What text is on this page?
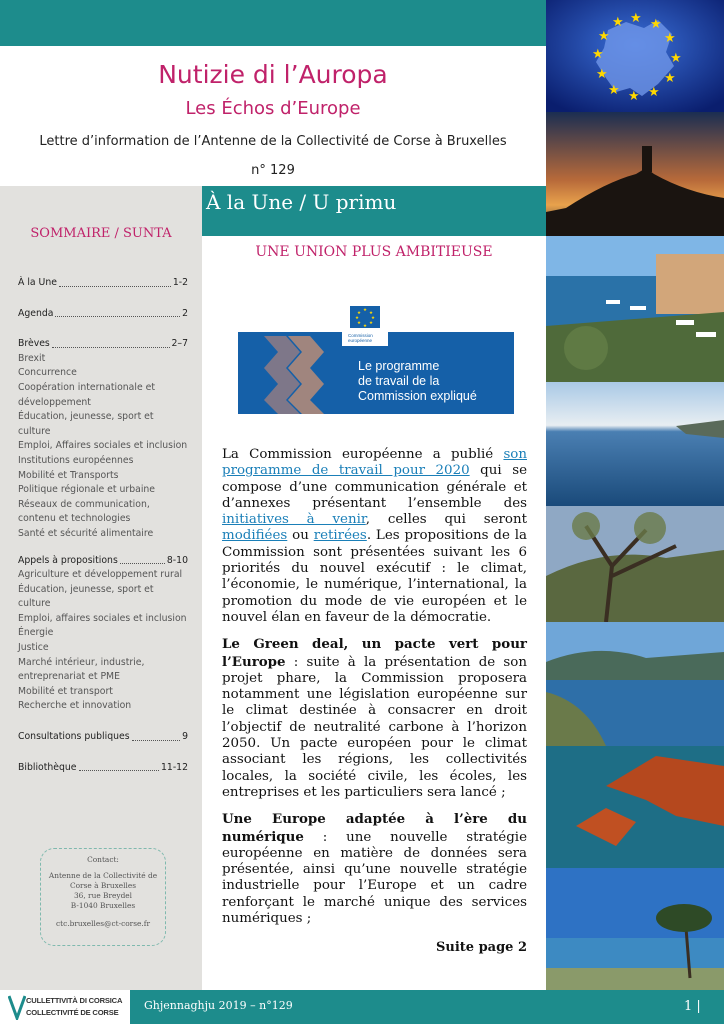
Nutizie di l’Auropa
Les Échos d’Europe
Lettre d’information de l’Antenne de la Collectivité de Corse à Bruxelles
n° 129
★ ★
★
★
★
★
★
★
★
★
★
★
SOMMAIRE / SUNTA
À la Une	1-2
Agenda	2
Brèves	2–7
Brexit
Concurrence
Coopération internationale et développement
Éducation, jeunesse, sport et culture
Emploi, Affaires sociales et inclusion
Institutions européennes
Mobilité et Transports
Politique régionale et urbaine
Réseaux de communication, contenu et technologies
Santé et sécurité alimentaire
Appels à propositions	8-10
Agriculture et développement rural
Éducation, jeunesse, sport et culture
Emploi, affaires sociales et inclusion
Énergie
Justice
Marché intérieur, industrie, entreprenariat et PME
Mobilité et transport
Recherche et innovation
Consultations publiques	9
Bibliothèque	11-12
Contact:
Antenne de la Collectivité de
Corse à Bruxelles
36, rue Breydel
B-1040 Bruxelles
ctc.bruxelles@ct-corse.fr
À la Une / U primu
UNE UNION PLUS AMBITIEUSE
★
★
★
★
★
★
★
★
Commission
européenne
Le programme
de travail de la
Commission expliqué

La Commission européenne a publié son programme de travail pour 2020 qui se compose d’une communication générale et d’annexes présentant l’ensemble des initiatives à venir, celles qui seront modifiées ou retirées. Les propositions de la Commission sont présentées suivant les 6 priorités du nouvel exécutif : le climat, l’économie, le numérique, l’international, la promotion du mode de vie européen et le nouvel élan en faveur de la démocratie.

Le Green deal, un pacte vert pour l’Europe : suite à la présentation de son projet phare, la Commission proposera notamment une législation européenne sur le climat destinée à consacrer en droit l’objectif de neutralité carbone à l’horizon 2050. Un pacte européen pour le climat associant les régions, les collectivités locales, la société civile, les écoles, les entreprises et les particuliers sera lancé ;

Une Europe adaptée à l’ère du numérique : une nouvelle stratégie européenne en matière de données sera présentée, ainsi qu’une nouvelle stratégie industrielle pour l’Europe et un cadre renforçant le marché unique des services numériques ;

Suite page 2
CULLETTIVITÀ DI CORSICA
COLLECTIVITÉ DE CORSE
Ghjennaghju 2019 – n°129	1 |
